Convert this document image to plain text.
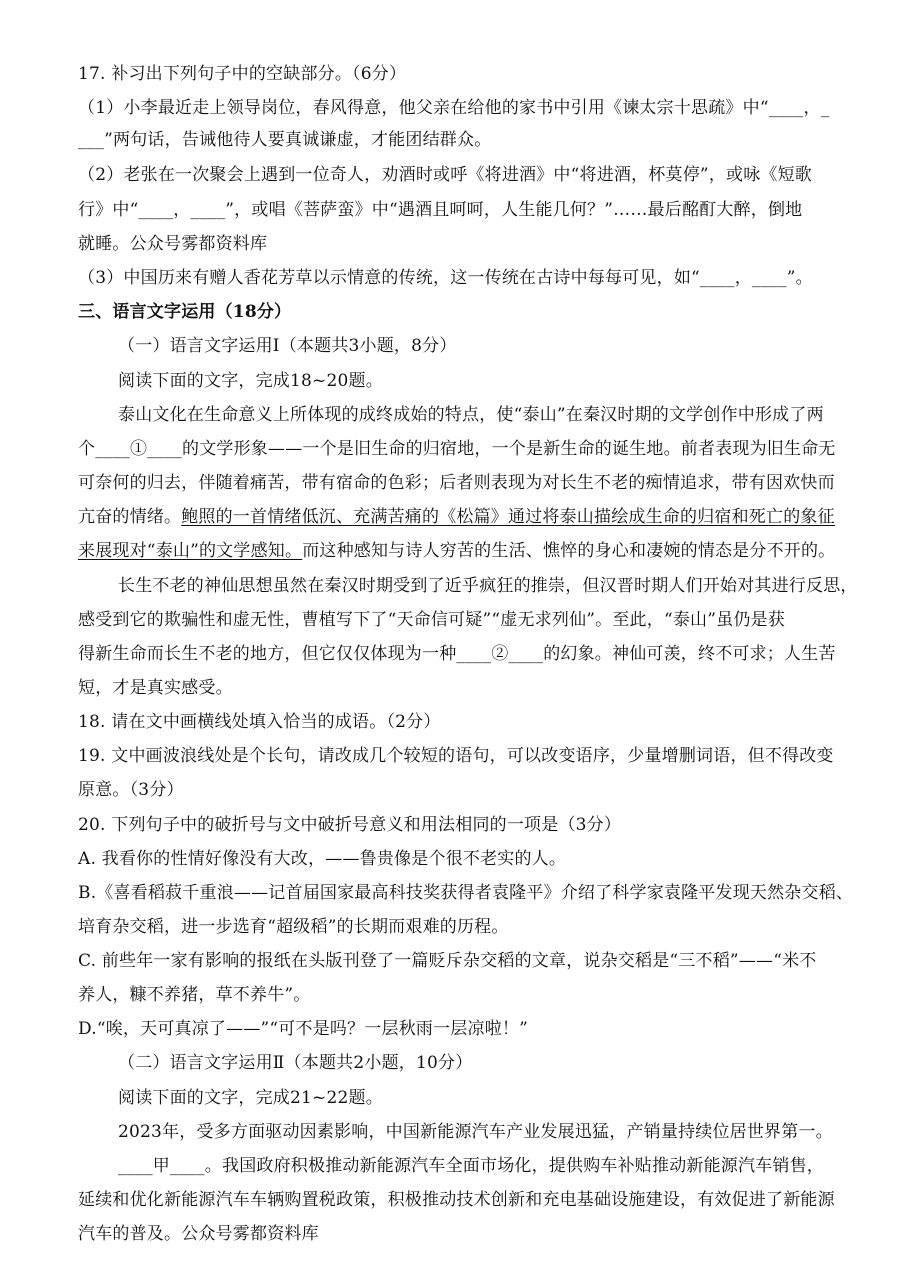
17. 补习出下列句子中的空缺部分。（6分）
（1）小李最近走上领导岗位，春风得意，他父亲在给他的家书中引用《谏太宗十思疏》中“____，_
___”两句话，告诫他待人要真诚谦虚，才能团结群众。
（2）老张在一次聚会上遇到一位奇人，劝酒时或呼《将进酒》中“将进酒，杯莫停”，或咏《短歌
行》中“____，____”，或唱《菩萨蛮》中“遇酒且呵呵，人生能几何？”……最后酩酊大醉，倒地
就睡。公众号雾都资料库
（3）中国历来有赠人香花芳草以示情意的传统，这一传统在古诗中每每可见，如“____，____”。
三、语言文字运用（18分）
（一）语言文字运用Ⅰ（本题共3小题，8分）
阅读下面的文字，完成18~20题。
泰山文化在生命意义上所体现的成终成始的特点，使“泰山”在秦汉时期的文学创作中形成了两
个____①____的文学形象——一个是旧生命的归宿地，一个是新生命的诞生地。前者表现为旧生命无
可奈何的归去，伴随着痛苦，带有宿命的色彩；后者则表现为对长生不老的痴情追求，带有因欢快而
亢奋的情绪。鲍照的一首情绪低沉、充满苦痛的《松篇》通过将泰山描绘成生命的归宿和死亡的象征
来展现对“泰山”的文学感知。而这种感知与诗人穷苦的生活、憔悴的身心和凄婉的情态是分不开的。
长生不老的神仙思想虽然在秦汉时期受到了近乎疯狂的推崇，但汉晋时期人们开始对其进行反思，
感受到它的欺骗性和虚无性，曹植写下了“天命信可疑”“虚无求列仙”。至此，“泰山”虽仍是获
得新生命而长生不老的地方，但它仅仅体现为一种____②____的幻象。神仙可羡，终不可求；人生苦
短，才是真实感受。
18. 请在文中画横线处填入恰当的成语。（2分）
19. 文中画波浪线处是个长句，请改成几个较短的语句，可以改变语序，少量增删词语，但不得改变
原意。（3分）
20. 下列句子中的破折号与文中破折号意义和用法相同的一项是（3分）
A. 我看你的性情好像没有大改，——鲁贵像是个很不老实的人。
B.《喜看稻菽千重浪——记首届国家最高科技奖获得者袁隆平》介绍了科学家袁隆平发现天然杂交稻、
培育杂交稻，进一步选育“超级稻”的长期而艰难的历程。
C. 前些年一家有影响的报纸在头版刊登了一篇贬斥杂交稻的文章，说杂交稻是“三不稻”——“米不
养人，糠不养猪，草不养牛”。
D.“唉，天可真凉了——”“可不是吗？一层秋雨一层凉啦！”
（二）语言文字运用Ⅱ（本题共2小题，10分）
阅读下面的文字，完成21~22题。
2023年，受多方面驱动因素影响，中国新能源汽车产业发展迅猛，产销量持续位居世界第一。
____甲____。我国政府积极推动新能源汽车全面市场化，提供购车补贴推动新能源汽车销售，
延续和优化新能源汽车车辆购置税政策，积极推动技术创新和充电基础设施建设，有效促进了新能源
汽车的普及。公众号雾都资料库
